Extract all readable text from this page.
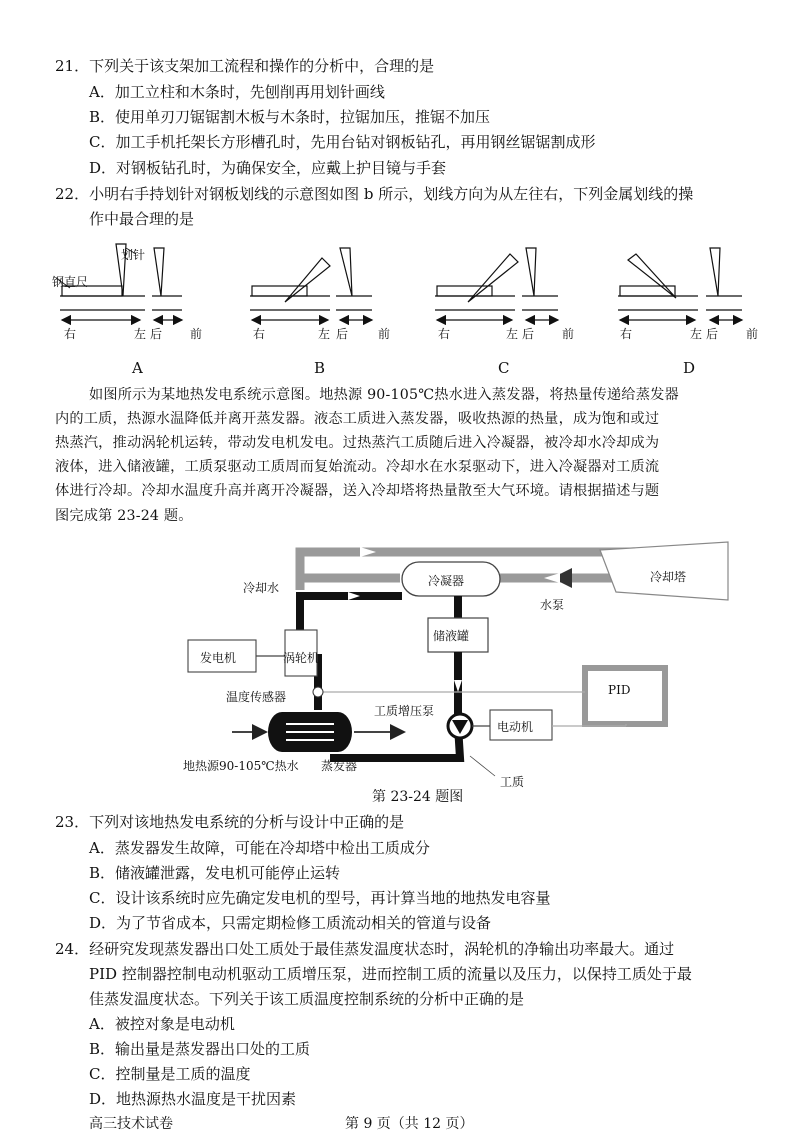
21．下列关于该支架加工流程和操作的分析中，合理的是
A．加工立柱和木条时，先刨削再用划针画线
B．使用单刃刀锯锯割木板与木条时，拉锯加压，推锯不加压
C．加工手机托架长方形槽孔时，先用台钻对钢板钻孔，再用钢丝锯锯割成形
D．对钢板钻孔时，为确保安全，应戴上护目镜与手套
22．小明右手持划针对钢板划线的示意图如图 b 所示，划线方向为从左往右，下列金属划线的操
作中最合理的是
划针
钢直尺
右	左 后 前	右	左 后 前	右	左 后 前	右	左 后 前
A	B	C	D
如图所示为某地热发电系统示意图。地热源 90-105℃热水进入蒸发器，将热量传递给蒸发器
内的工质，热源水温降低并离开蒸发器。液态工质进入蒸发器，吸收热源的热量，成为饱和或过
热蒸汽，推动涡轮机运转，带动发电机发电。过热蒸汽工质随后进入冷凝器，被冷却水冷却成为
液体，进入储液罐，工质泵驱动工质周而复始流动。冷却水在水泵驱动下，进入冷凝器对工质流
体进行冷却。冷却水温度升高并离开冷凝器，送入冷却塔将热量散至大气环境。请根据描述与题
图完成第 23-24 题。
冷却水	冷凝器	冷却塔
水泵
储液罐
发电机	涡轮机
PID
温度传感器
工质增压泵
电动机
地热源90-105℃热水 蒸发器
工质
第 23-24 题图
23．下列对该地热发电系统的分析与设计中正确的是
A．蒸发器发生故障，可能在冷却塔中检出工质成分
B．储液罐泄露，发电机可能停止运转
C．设计该系统时应先确定发电机的型号，再计算当地的地热发电容量
D．为了节省成本，只需定期检修工质流动相关的管道与设备
24．经研究发现蒸发器出口处工质处于最佳蒸发温度状态时，涡轮机的净输出功率最大。通过
PID 控制器控制电动机驱动工质增压泵，进而控制工质的流量以及压力，以保持工质处于最
佳蒸发温度状态。下列关于该工质温度控制系统的分析中正确的是
A．被控对象是电动机
B．输出量是蒸发器出口处的工质
C．控制量是工质的温度
D．地热源热水温度是干扰因素
高三技术试卷	第 9 页（共 12 页）
